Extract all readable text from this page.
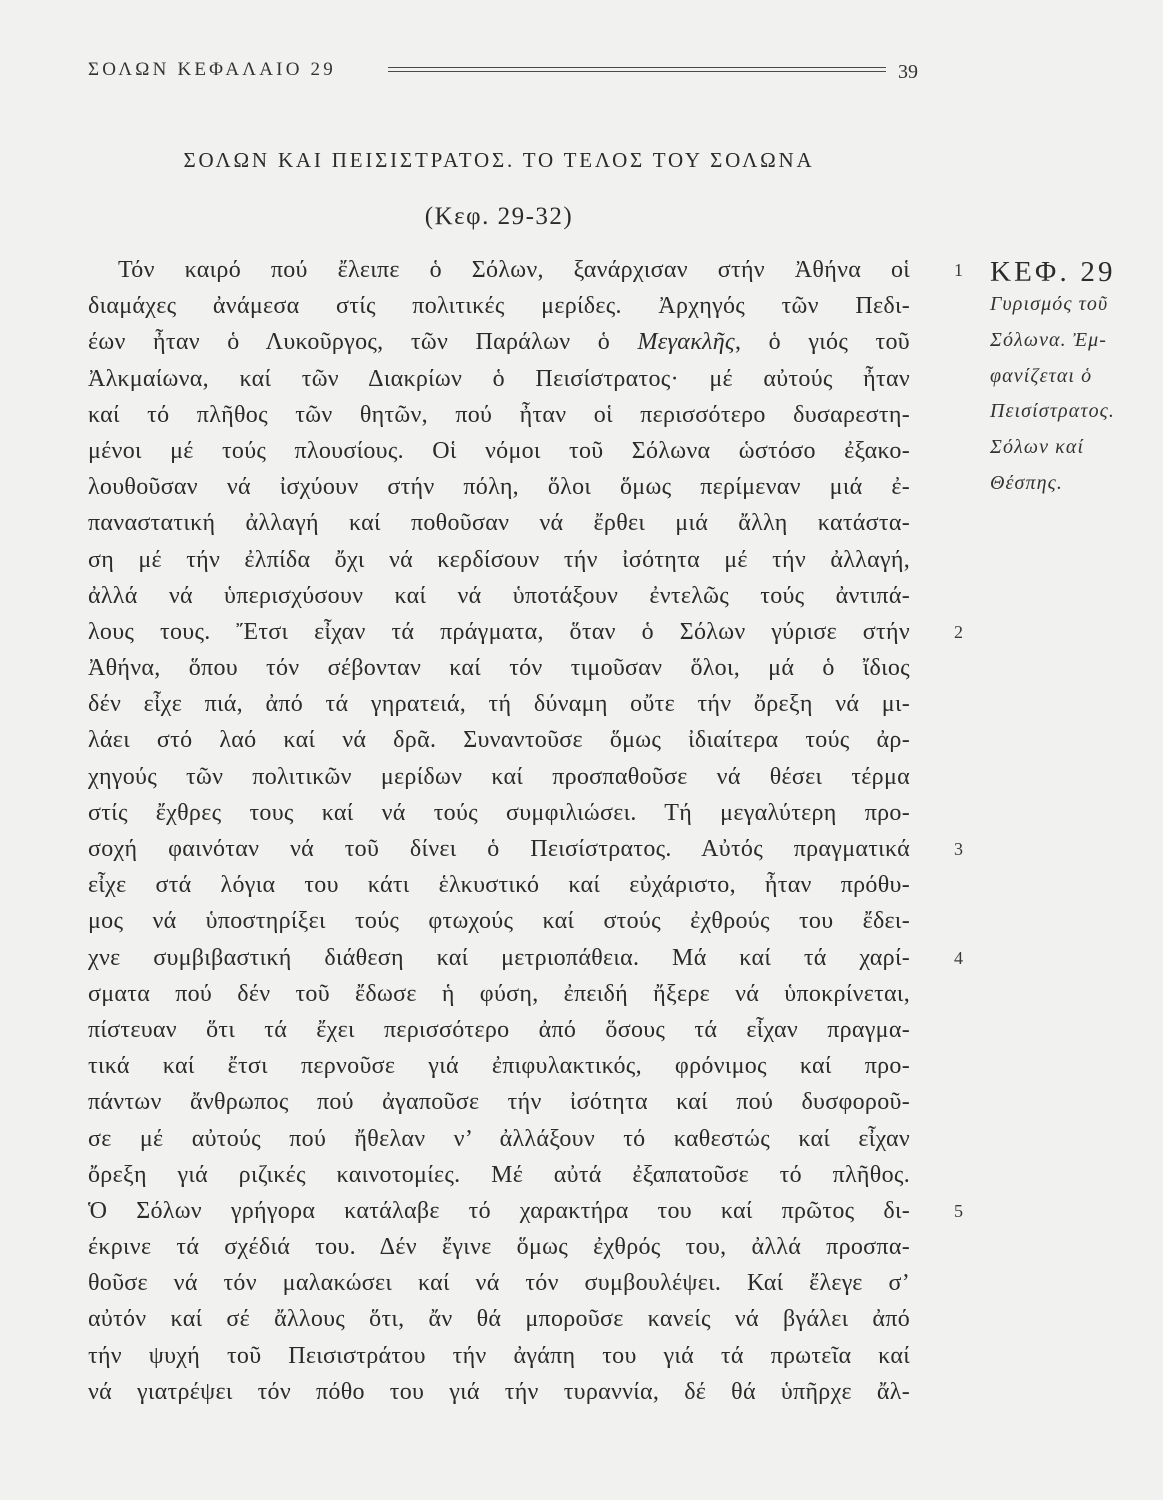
ΣΟΛΩΝ ΚΕΦΑΛΑΙΟ 29	39
ΣΟΛΩΝ ΚΑΙ ΠΕΙΣΙΣΤΡΑΤΟΣ. ΤΟ ΤΕΛΟΣ ΤΟΥ ΣΟΛΩΝΑ
(Κεφ. 29-32)
Τόν καιρό πού ἔλειπε ὁ Σόλων, ξανάρχισαν στήν Ἀθήνα οἱ 1
διαμάχες ἀνάμεσα στίς πολιτικές μερίδες. Ἀρχηγός τῶν Πεδι-
έων ἦταν ὁ Λυκοῦργος, τῶν Παράλων ὁ Μεγακλῆς, ὁ γιός τοῦ
Ἀλκμαίωνα, καί τῶν Διακρίων ὁ Πεισίστρατος· μέ αὐτούς ἦταν
καί τό πλῆθος τῶν θητῶν, πού ἦταν οἱ περισσότερο δυσαρεστη-
μένοι μέ τούς πλουσίους. Οἱ νόμοι τοῦ Σόλωνα ὡστόσο ἐξακο-
λουθοῦσαν νά ἰσχύουν στήν πόλη, ὅλοι ὅμως περίμεναν μιά ἐ-
παναστατική ἀλλαγή καί ποθοῦσαν νά ἔρθει μιά ἄλλη κατάστα-
ση μέ τήν ἐλπίδα ὄχι νά κερδίσουν τήν ἰσότητα μέ τήν ἀλλαγή,
ἀλλά νά ὑπερισχύσουν καί νά ὑποτάξουν ἐντελῶς τούς ἀντιπά-
λους τους. Ἔτσι εἶχαν τά πράγματα, ὅταν ὁ Σόλων γύρισε στήν 2
Ἀθήνα, ὅπου τόν σέβονταν καί τόν τιμοῦσαν ὅλοι, μά ὁ ἴδιος
δέν εἶχε πιά, ἀπό τά γηρατειά, τή δύναμη οὔτε τήν ὄρεξη νά μι-
λάει στό λαό καί νά δρᾶ. Συναντοῦσε ὅμως ἰδιαίτερα τούς ἀρ-
χηγούς τῶν πολιτικῶν μερίδων καί προσπαθοῦσε νά θέσει τέρμα
στίς ἔχθρες τους καί νά τούς συμφιλιώσει. Τή μεγαλύτερη προ-
σοχή φαινόταν νά τοῦ δίνει ὁ Πεισίστρατος. Αὐτός πραγματικά 3
εἶχε στά λόγια του κάτι ἑλκυστικό καί εὐχάριστο, ἦταν πρόθυ-
μος νά ὑποστηρίξει τούς φτωχούς καί στούς ἐχθρούς του ἔδει-
χνε συμβιβαστική διάθεση καί μετριοπάθεια. Μά καί τά χαρί- 4
σματα πού δέν τοῦ ἔδωσε ἡ φύση, ἐπειδή ἤξερε νά ὑποκρίνεται,
πίστευαν ὅτι τά ἔχει περισσότερο ἀπό ὅσους τά εἶχαν πραγμα-
τικά καί ἔτσι περνοῦσε γιά ἐπιφυλακτικός, φρόνιμος καί προ-
πάντων ἄνθρωπος πού ἀγαποῦσε τήν ἰσότητα καί πού δυσφοροῦ-
σε μέ αὐτούς πού ἤθελαν ν’ ἀλλάξουν τό καθεστώς καί εἶχαν
ὄρεξη γιά ριζικές καινοτομίες. Μέ αὐτά ἐξαπατοῦσε τό πλῆθος.
Ὁ Σόλων γρήγορα κατάλαβε τό χαρακτήρα του καί πρῶτος δι- 5
έκρινε τά σχέδιά του. Δέν ἔγινε ὅμως ἐχθρός του, ἀλλά προσπα-
θοῦσε νά τόν μαλακώσει καί νά τόν συμβουλέψει. Καί ἔλεγε σ’
αὐτόν καί σέ ἄλλους ὅτι, ἄν θά μποροῦσε κανείς νά βγάλει ἀπό
τήν ψυχή τοῦ Πεισιστράτου τήν ἀγάπη του γιά τά πρωτεῖα καί
νά γιατρέψει τόν πόθο του γιά τήν τυραννία, δέ θά ὑπῆρχε ἄλ-
ΚΕΦ. 29
Γυρισμός τοῦ
Σόλωνα. Ἐμ-
φανίζεται ὁ
Πεισίστρατος.
Σόλων καί
Θέσπης.
